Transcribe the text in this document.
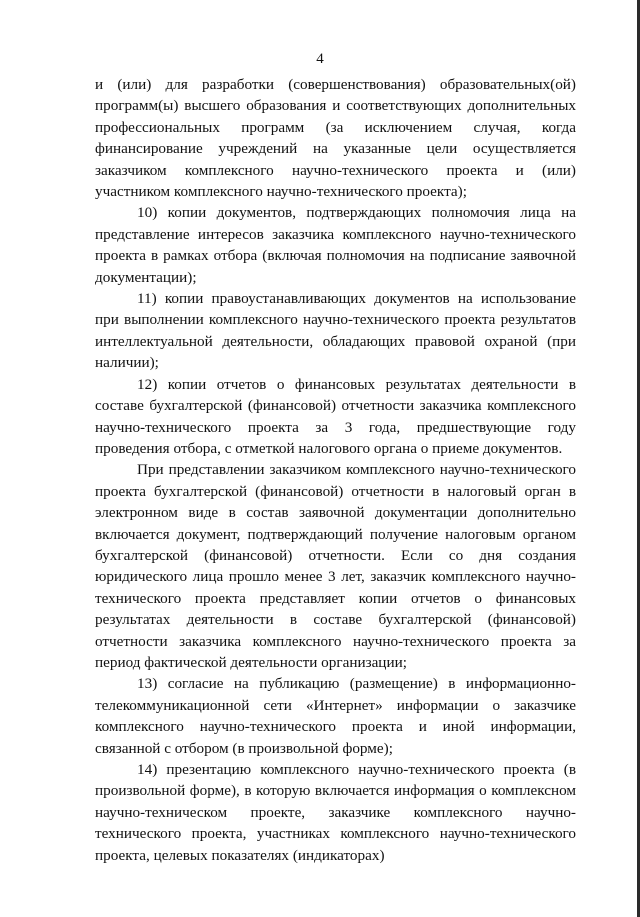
4

и (или) для разработки (совершенствования) образовательных(ой) программ(ы) высшего образования и соответствующих дополнительных профессиональных программ (за исключением случая, когда финансирование учреждений на указанные цели осуществляется заказчиком комплексного научно-технического проекта и (или) участником комплексного научно-технического проекта);

10) копии документов, подтверждающих полномочия лица на представление интересов заказчика комплексного научно-технического проекта в рамках отбора (включая полномочия на подписание заявочной документации);

11) копии правоустанавливающих документов на использование при выполнении комплексного научно-технического проекта результатов интеллектуальной деятельности, обладающих правовой охраной (при наличии);

12) копии отчетов о финансовых результатах деятельности в составе бухгалтерской (финансовой) отчетности заказчика комплексного научно-технического проекта за 3 года, предшествующие году проведения отбора, с отметкой налогового органа о приеме документов.

При представлении заказчиком комплексного научно-технического проекта бухгалтерской (финансовой) отчетности в налоговый орган в электронном виде в состав заявочной документации дополнительно включается документ, подтверждающий получение налоговым органом бухгалтерской (финансовой) отчетности. Если со дня создания юридического лица прошло менее 3 лет, заказчик комплексного научно-технического проекта представляет копии отчетов о финансовых результатах деятельности в составе бухгалтерской (финансовой) отчетности заказчика комплексного научно-технического проекта за период фактической деятельности организации;

13) согласие на публикацию (размещение) в информационно-телекоммуникационной сети «Интернет» информации о заказчике комплексного научно-технического проекта и иной информации, связанной с отбором (в произвольной форме);

14) презентацию комплексного научно-технического проекта (в произвольной форме), в которую включается информация о комплексном научно-техническом проекте, заказчике комплексного научно-технического проекта, участниках комплексного научно-технического проекта, целевых показателях (индикаторах)
